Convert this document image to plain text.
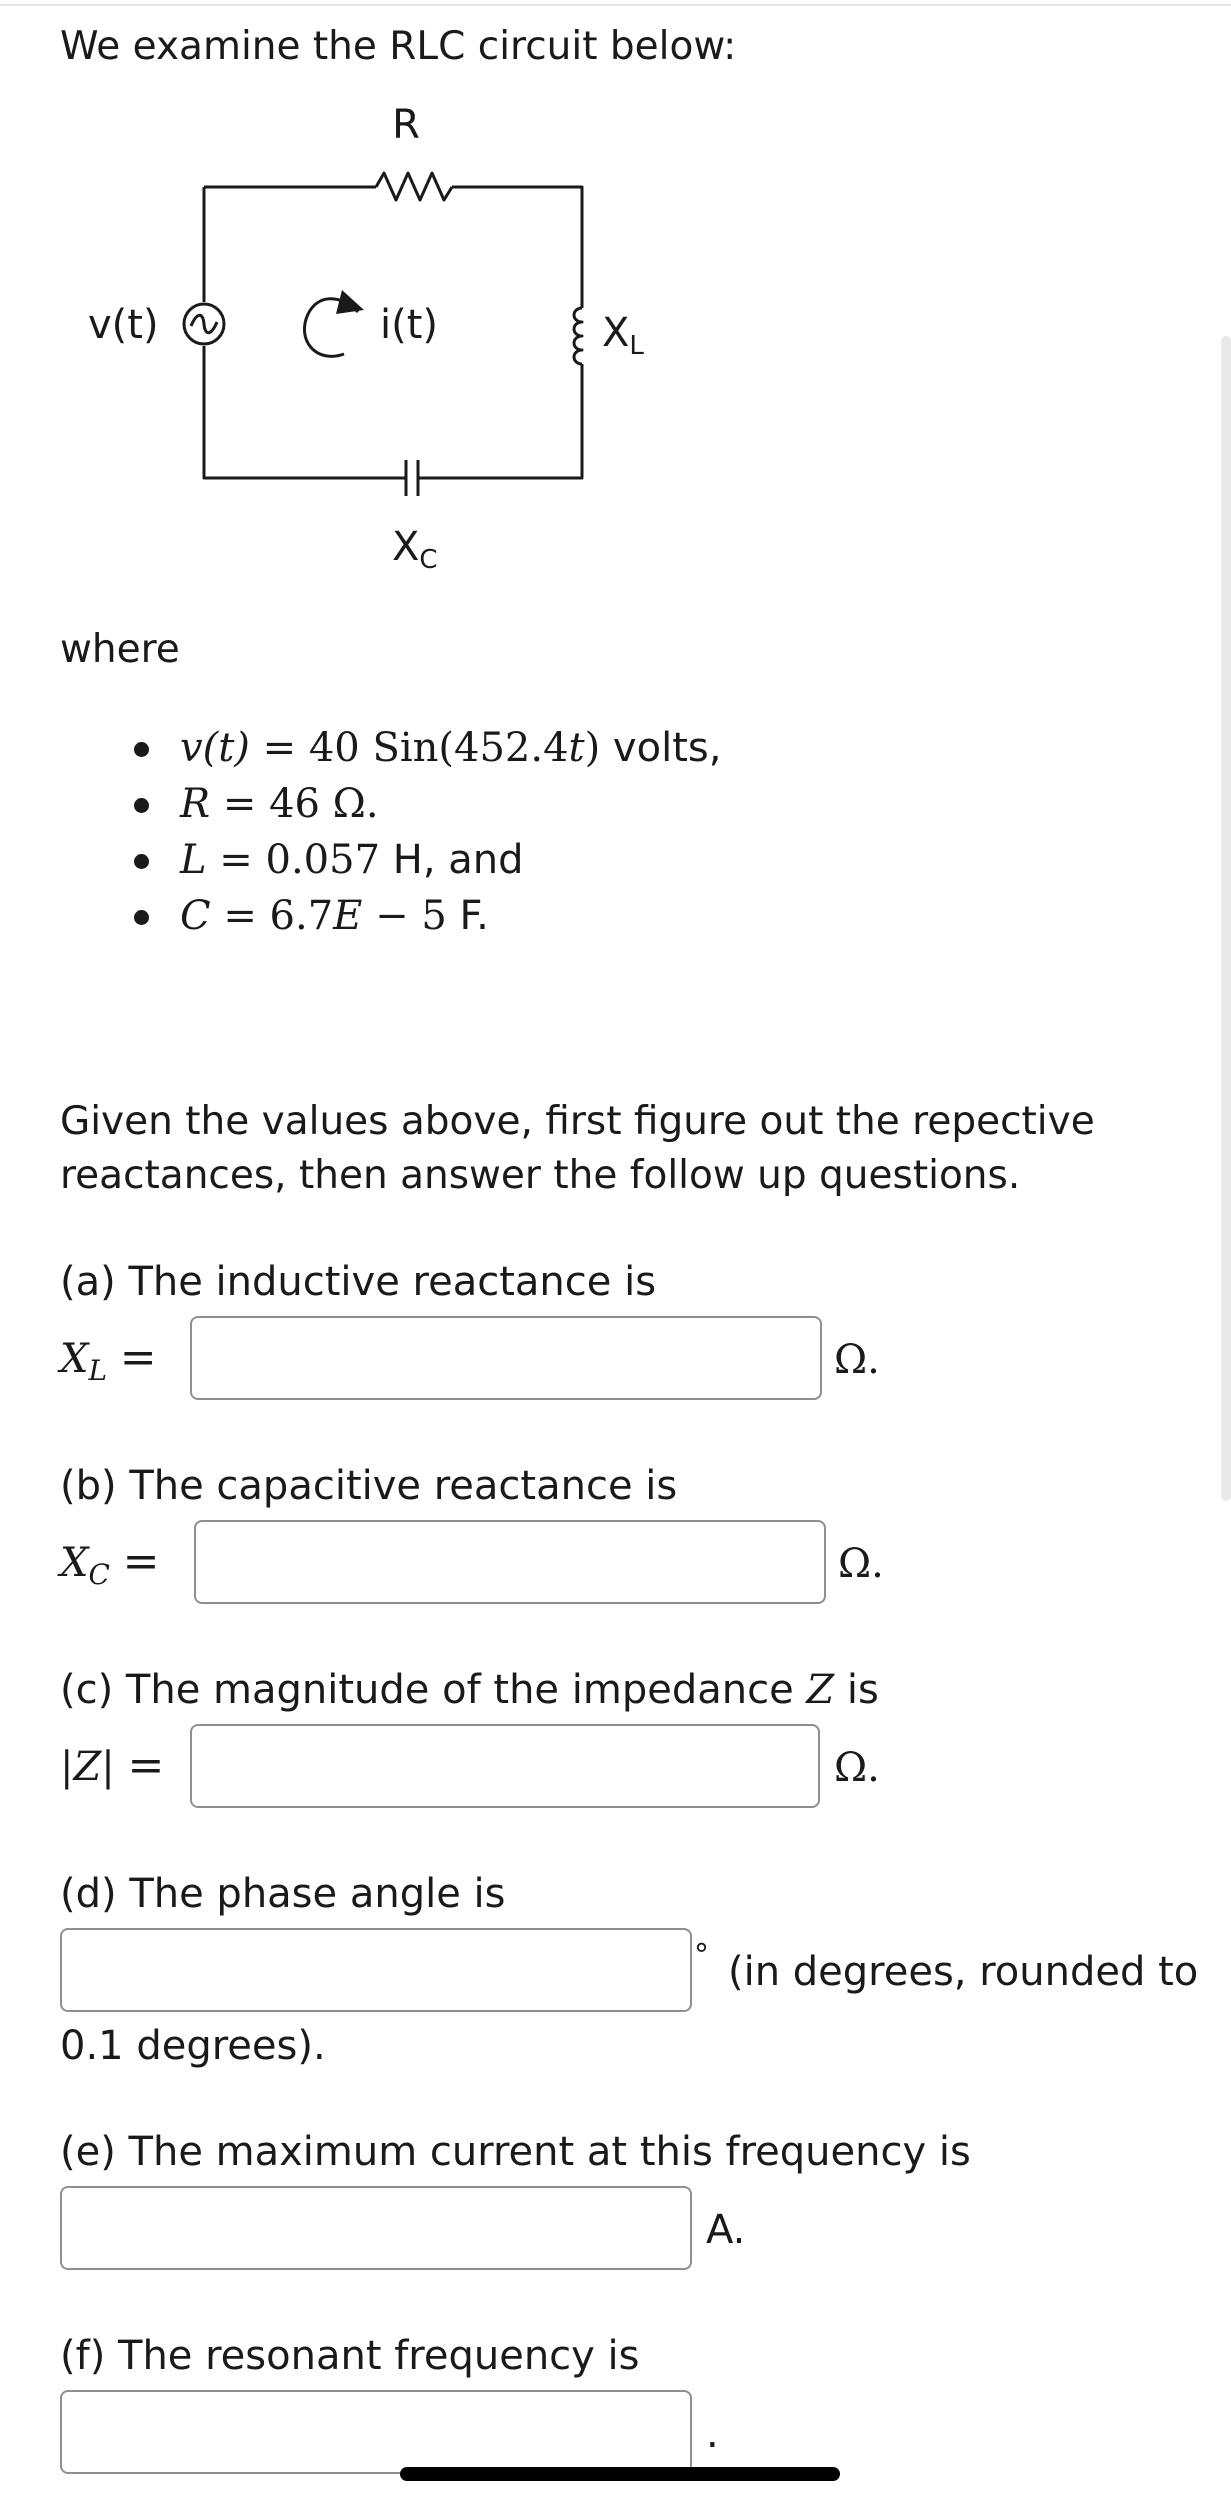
We examine the RLC circuit below:
R
v(t)	i(t)	$X_L$
$X_C$
where
v(t) = 40 Sin(452.4t) volts,
R = 46 Ω.
L = 0.057 H, and
C = 6.7E − 5 F.
Given the values above, first figure out the repective
reactances, then answer the follow up questions.
(a) The inductive reactance is
$X_L$ =	Ω.
(b) The capacitive reactance is
$X_C$ =	Ω.
(c) The magnitude of the impedance Z is
|Z| =	Ω.
(d) The phase angle is
° (in degrees, rounded to
0.1 degrees).
(e) The maximum current at this frequency is
A.
(f) The resonant frequency is
.
